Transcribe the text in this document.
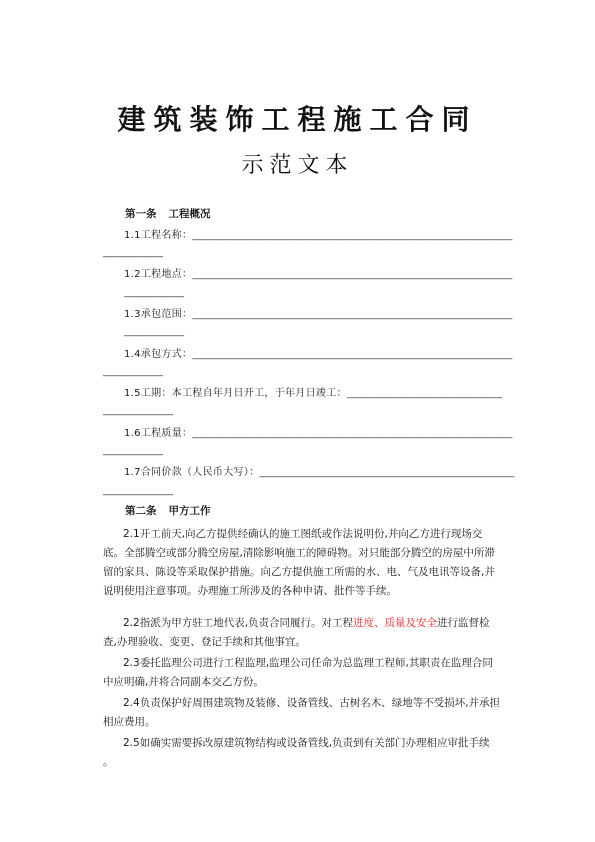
建筑装饰工程施工合同
示范文本
第一条 工程概况
1.1工程名称：________________________________________________________________
____________
1.2工程地点：________________________________________________________________
____________
1.3承包范围：________________________________________________________________
____________
1.4承包方式：________________________________________________________________
____________
1.5工期：本工程自年月日开工，于年月日竣工：_______________________________
______________
1.6工程质量：________________________________________________________________
____________
1.7合同价款（人民币大写）：___________________________________________________
______________
第二条 甲方工作
2.1开工前天,向乙方提供经确认的施工图纸或作法说明份,并向乙方进行现场交底。全部腾空或部分腾空房屋,清除影响施工的障碍物。对只能部分腾空的房屋中所滞留的家具、陈设等采取保护措施。向乙方提供施工所需的水、电、气及电讯等设备,并说明使用注意事项。办理施工所涉及的各种申请、批件等手续。
2.2指派为甲方驻工地代表,负责合同履行。对工程进度、质量及安全进行监督检查,办理验收、变更、登记手续和其他事宜。
2.3委托监理公司进行工程监理,监理公司任命为总监理工程师,其职责在监理合同中应明确,并将合同副本交乙方份。
2.4负责保护好周围建筑物及装修、设备管线、古树名木、绿地等不受损坏,并承担相应费用。
2.5如确实需要拆改原建筑物结构或设备管线,负责到有关部门办理相应审批手续 。
